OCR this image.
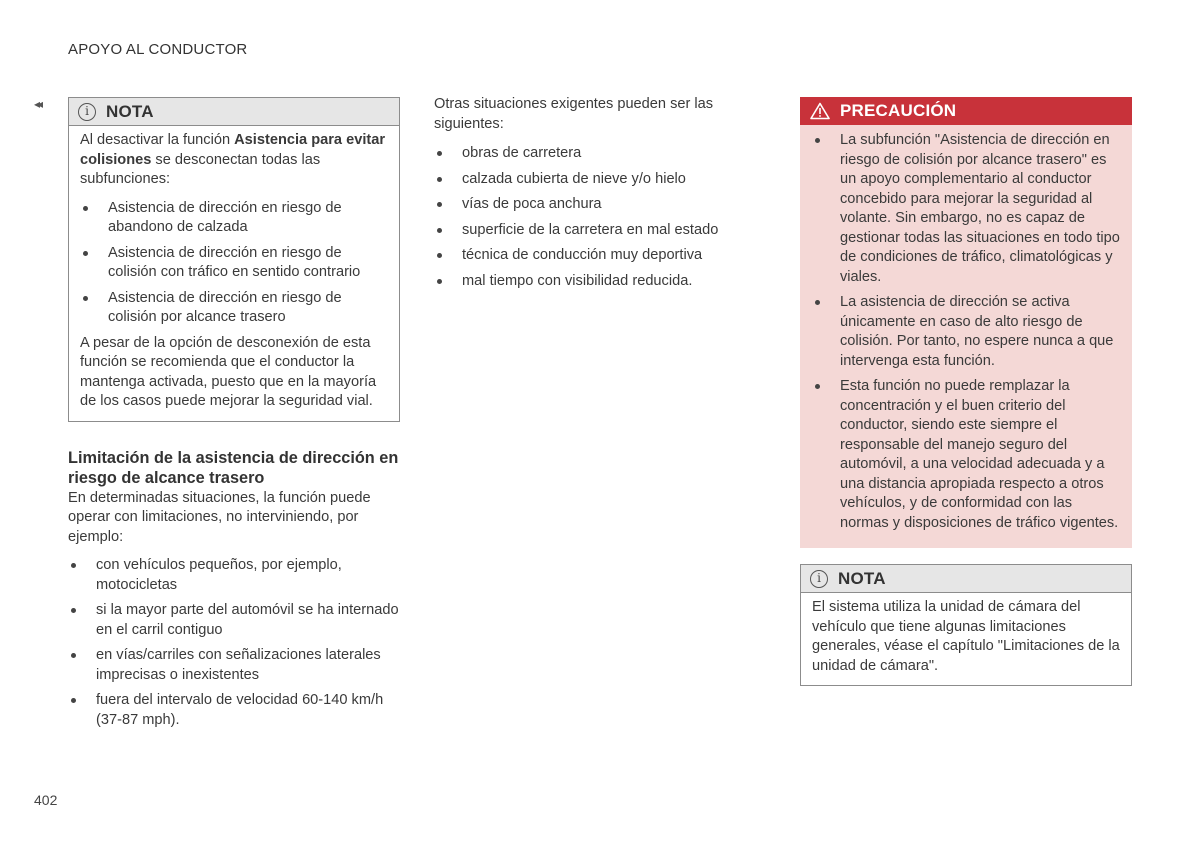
APOYO AL CONDUCTOR
◂◂
402
i	NOTA

Al desactivar la función Asistencia para evitar colisiones se desconectan todas las subfunciones:

Asistencia de dirección en riesgo de abandono de calzada
Asistencia de dirección en riesgo de colisión con tráfico en sentido contrario
Asistencia de dirección en riesgo de colisión por alcance trasero

A pesar de la opción de desconexión de esta función se recomienda que el conductor la mantenga activada, puesto que en la mayoría de los casos puede mejorar la seguridad vial.

Limitación de la asistencia de dirección en riesgo de alcance trasero

En determinadas situaciones, la función puede operar con limitaciones, no interviniendo, por ejemplo:

con vehículos pequeños, por ejemplo, motocicletas
si la mayor parte del automóvil se ha internado en el carril contiguo
en vías/carriles con señalizaciones laterales imprecisas o inexistentes
fuera del intervalo de velocidad 60-140 km/h (37-87 mph).

Otras situaciones exigentes pueden ser las siguientes:

obras de carretera
calzada cubierta de nieve y/o hielo
vías de poca anchura
superficie de la carretera en mal estado
técnica de conducción muy deportiva
mal tiempo con visibilidad reducida.
PRECAUCIÓN
La subfunción "Asistencia de dirección en riesgo de colisión por alcance trasero" es un apoyo complementario al conductor concebido para mejorar la seguridad al volante. Sin embargo, no es capaz de gestionar todas las situaciones en todo tipo de condiciones de tráfico, climatológicas y viales.
La asistencia de dirección se activa únicamente en caso de alto riesgo de colisión. Por tanto, no espere nunca a que intervenga esta función.
Esta función no puede remplazar la concentración y el buen criterio del conductor, siendo este siempre el responsable del manejo seguro del automóvil, a una velocidad adecuada y a una distancia apropiada respecto a otros vehículos, y de conformidad con las normas y disposiciones de tráfico vigentes.
i	NOTA

El sistema utiliza la unidad de cámara del vehículo que tiene algunas limitaciones generales, véase el capítulo "Limitaciones de la unidad de cámara".
